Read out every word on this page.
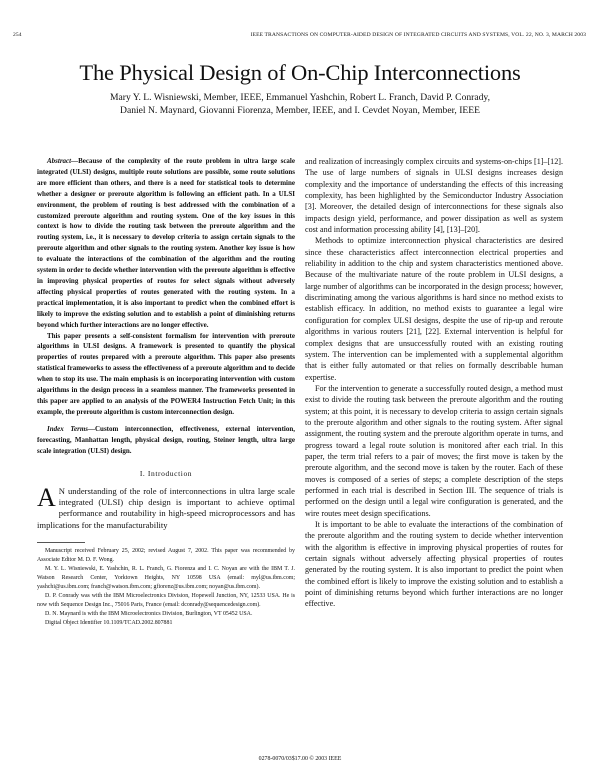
254	IEEE TRANSACTIONS ON COMPUTER-AIDED DESIGN OF INTEGRATED CIRCUITS AND SYSTEMS, VOL. 22, NO. 3, MARCH 2003
The Physical Design of On-Chip Interconnections
Mary Y. L. Wisniewski, Member, IEEE, Emmanuel Yashchin, Robert L. Franch, David P. Conrady,
Daniel N. Maynard, Giovanni Fiorenza, Member, IEEE, and I. Cevdet Noyan, Member, IEEE

Abstract—Because of the complexity of the route problem in ultra large scale integrated (ULSI) designs, multiple route solutions are possible, some route solutions are more efficient than others, and there is a need for statistical tools to determine whether a designer or preroute algorithm is following an efficient path. In a ULSI environment, the problem of routing is best addressed with the combination of a customized preroute algorithm and routing system. One of the key issues in this context is how to divide the routing task between the preroute algorithm and the routing system, i.e., it is necessary to develop criteria to assign certain signals to the preroute algorithm and other signals to the routing system. Another key issue is how to evaluate the interactions of the combination of the algorithm and the routing system in order to decide whether intervention with the preroute algorithm is effective in improving physical properties of routes for select signals without adversely affecting physical properties of routes generated with the routing system. In a practical implementation, it is also important to predict when the combined effort is likely to improve the existing solution and to establish a point of diminishing returns beyond which further interactions are no longer effective.

This paper presents a self-consistent formalism for intervention with preroute algorithms in ULSI designs. A framework is presented to quantify the physical properties of routes prepared with a preroute algorithm. This paper also presents statistical frameworks to assess the effectiveness of a preroute algorithm and to decide when to stop its use. The main emphasis is on incorporating intervention with custom algorithms in the design process in a seamless manner. The frameworks presented in this paper are applied to an analysis of the POWER4 Instruction Fetch Unit; in this example, the preroute algorithm is custom interconnection design.

Index Terms—Custom interconnection, effectiveness, external intervention, forecasting, Manhattan length, physical design, routing, Steiner length, ultra large scale integration (ULSI) design.

I. Introduction

A N understanding of the role of interconnections in ultra large scale integrated (ULSI) chip design is important to achieve optimal performance and routability in high-speed microprocessors and has implications for the manufacturability

Manuscript received February 25, 2002; revised August 7, 2002. This paper was recommended by Associate Editor M. D. F. Wong.

M. Y. L. Wisniewski, E. Yashchin, R. L. Franch, G. Fiorenza and I. C. Noyan are with the IBM T. J. Watson Research Center, Yorktown Heights, NY 10598 USA (email: myl@us.ibm.com; yashchi@us.ibm.com; franch@watson.ibm.com; gfiorenz@us.ibm.com; noyan@us.ibm.com).

D. P. Conrady was with the IBM Microelectronics Division, Hopewell Junction, NY, 12533 USA. He is now with Sequence Design Inc., 75016 Paris, France (email: dconrady@sequencedesign.com).

D. N. Maynard is with the IBM Microelectronics Division, Burlington, VT 05452 USA.

Digital Object Identifier 10.1109/TCAD.2002.807881

and realization of increasingly complex circuits and systems-on-chips [1]–[12]. The use of large numbers of signals in ULSI designs increases design complexity and the importance of understanding the effects of this increasing complexity, has been highlighted by the Semiconductor Industry Association [3]. Moreover, the detailed design of interconnections for these signals also impacts design yield, performance, and power dissipation as well as system cost and information processing ability [4], [13]–[20].

Methods to optimize interconnection physical characteristics are desired since these characteristics affect interconnection electrical properties and reliability in addition to the chip and system characteristics mentioned above. Because of the multivariate nature of the route problem in ULSI designs, a large number of algorithms can be incorporated in the design process; however, discriminating among the various algorithms is hard since no method exists to establish efficacy. In addition, no method exists to guarantee a legal wire configuration for complex ULSI designs, despite the use of rip-up and reroute algorithms in various routers [21], [22]. External intervention is helpful for complex designs that are unsuccessfully routed with an existing routing system. The intervention can be implemented with a supplemental algorithm that is either fully automated or that relies on formally describable human expertise.

For the intervention to generate a successfully routed design, a method must exist to divide the routing task between the preroute algorithm and the routing system; at this point, it is necessary to develop criteria to assign certain signals to the preroute algorithm and other signals to the routing system. After signal assignment, the routing system and the preroute algorithm operate in turns, and progress toward a legal route solution is monitored after each trial. In this paper, the term trial refers to a pair of moves; the first move is taken by the preroute algorithm, and the second move is taken by the router. Each of these moves is composed of a series of steps; a complete description of the steps performed in each trial is described in Section III. The sequence of trials is performed on the design until a legal wire configuration is generated, and the wire routes meet design specifications.

It is important to be able to evaluate the interactions of the combination of the preroute algorithm and the routing system to decide whether intervention with the algorithm is effective in improving physical properties of routes for certain signals without adversely affecting physical properties of routes generated by the routing system. It is also important to predict the point when the combined effort is likely to improve the existing solution and to establish a point of diminishing returns beyond which further interactions are no longer effective.

0278-0070/03$17.00 © 2003 IEEE
